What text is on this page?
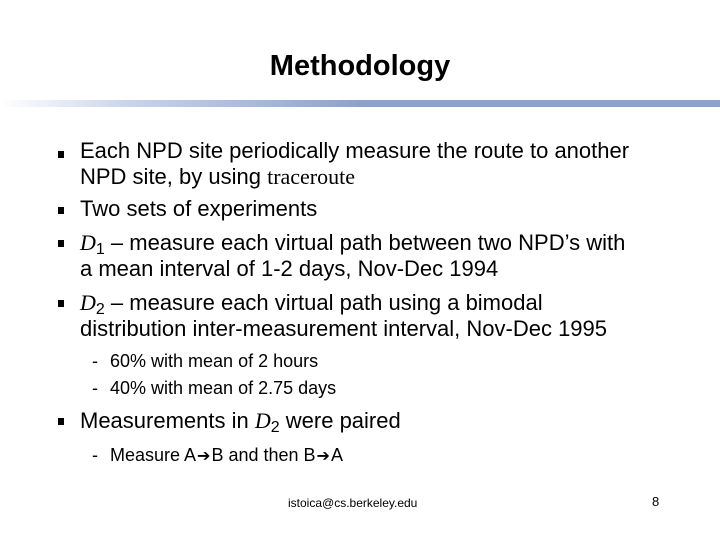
Methodology
Each NPD site periodically measure the route to another
NPD site, by using traceroute
Two sets of experiments
$D_1$ – measure each virtual path between two NPD’s with
a mean interval of 1-2 days, Nov-Dec 1994
$D_2$ – measure each virtual path using a bimodal
distribution inter-measurement interval, Nov-Dec 1995
- 60% with mean of 2 hours
- 40% with mean of 2.75 days
Measurements in $D_2$ were paired
- Measure A➔B and then B➔A
istoica@cs.berkeley.edu	8
